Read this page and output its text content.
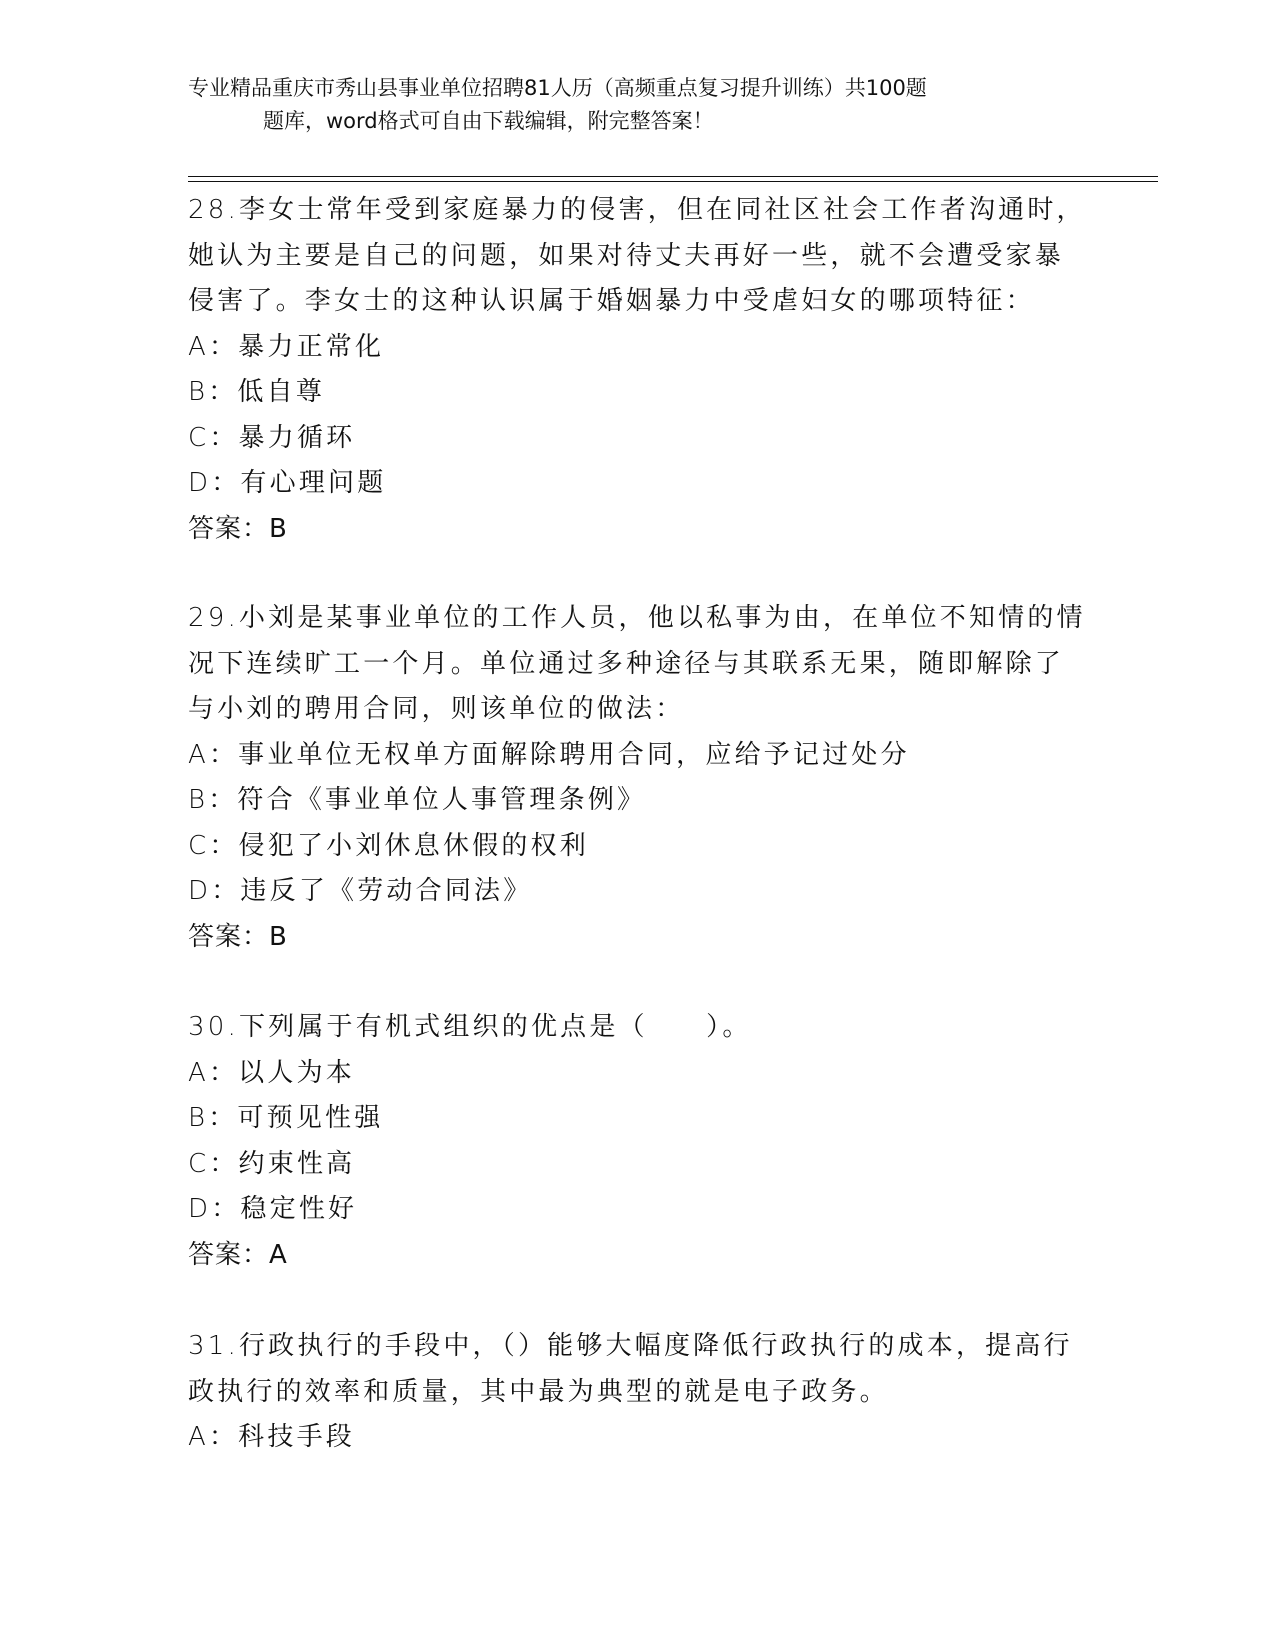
专业精品重庆市秀山县事业单位招聘81人历（高频重点复习提升训练）共100题
题库，word格式可自由下载编辑，附完整答案！
28.李女士常年受到家庭暴力的侵害，但在同社区社会工作者沟通时，她认为主要是自己的问题，如果对待丈夫再好一些，就不会遭受家暴侵害了。李女士的这种认识属于婚姻暴力中受虐妇女的哪项特征：
A：暴力正常化
B：低自尊
C：暴力循环
D：有心理问题
答案：B
29.小刘是某事业单位的工作人员，他以私事为由，在单位不知情的情况下连续旷工一个月。单位通过多种途径与其联系无果，随即解除了与小刘的聘用合同，则该单位的做法：
A：事业单位无权单方面解除聘用合同，应给予记过处分
B：符合《事业单位人事管理条例》
C：侵犯了小刘休息休假的权利
D：违反了《劳动合同法》
答案：B
30.下列属于有机式组织的优点是（　　）。
A：以人为本
B：可预见性强
C：约束性高
D：稳定性好
答案：A
31.行政执行的手段中，（）能够大幅度降低行政执行的成本，提高行政执行的效率和质量，其中最为典型的就是电子政务。
A：科技手段
